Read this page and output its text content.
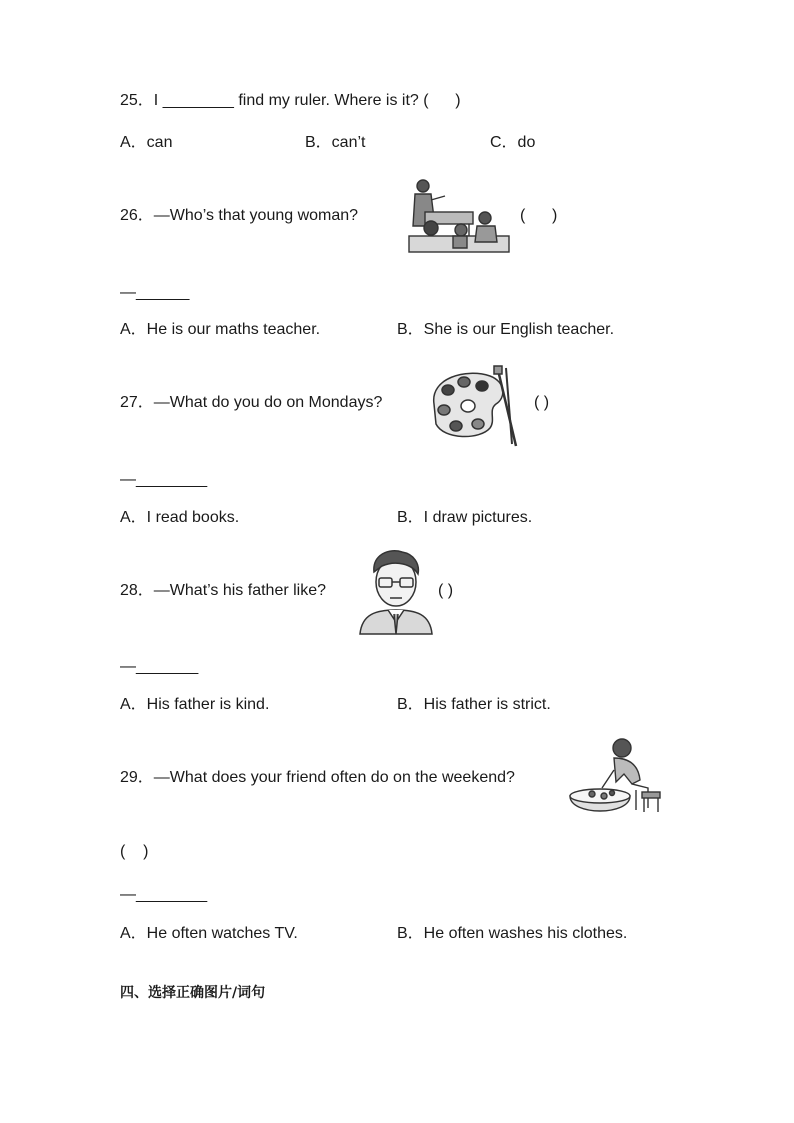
25．I ________ find my ruler. Where is it? (      )
A．can	B．can’t	C．do
26．—Who’s that young woman?	(      )
—______
A．He is our maths teacher.	B．She is our English teacher.
27．—What do you do on Mondays?	( )
—________
A．I read books.	B．I draw pictures.
28．—What’s his father like?	( )
—_______
A．His father is kind.	B．His father is strict.
29．—What does your friend often do on the weekend?
(    )
—________
A．He often watches TV.	B．He often washes his clothes.
四、选择正确图片/词句
